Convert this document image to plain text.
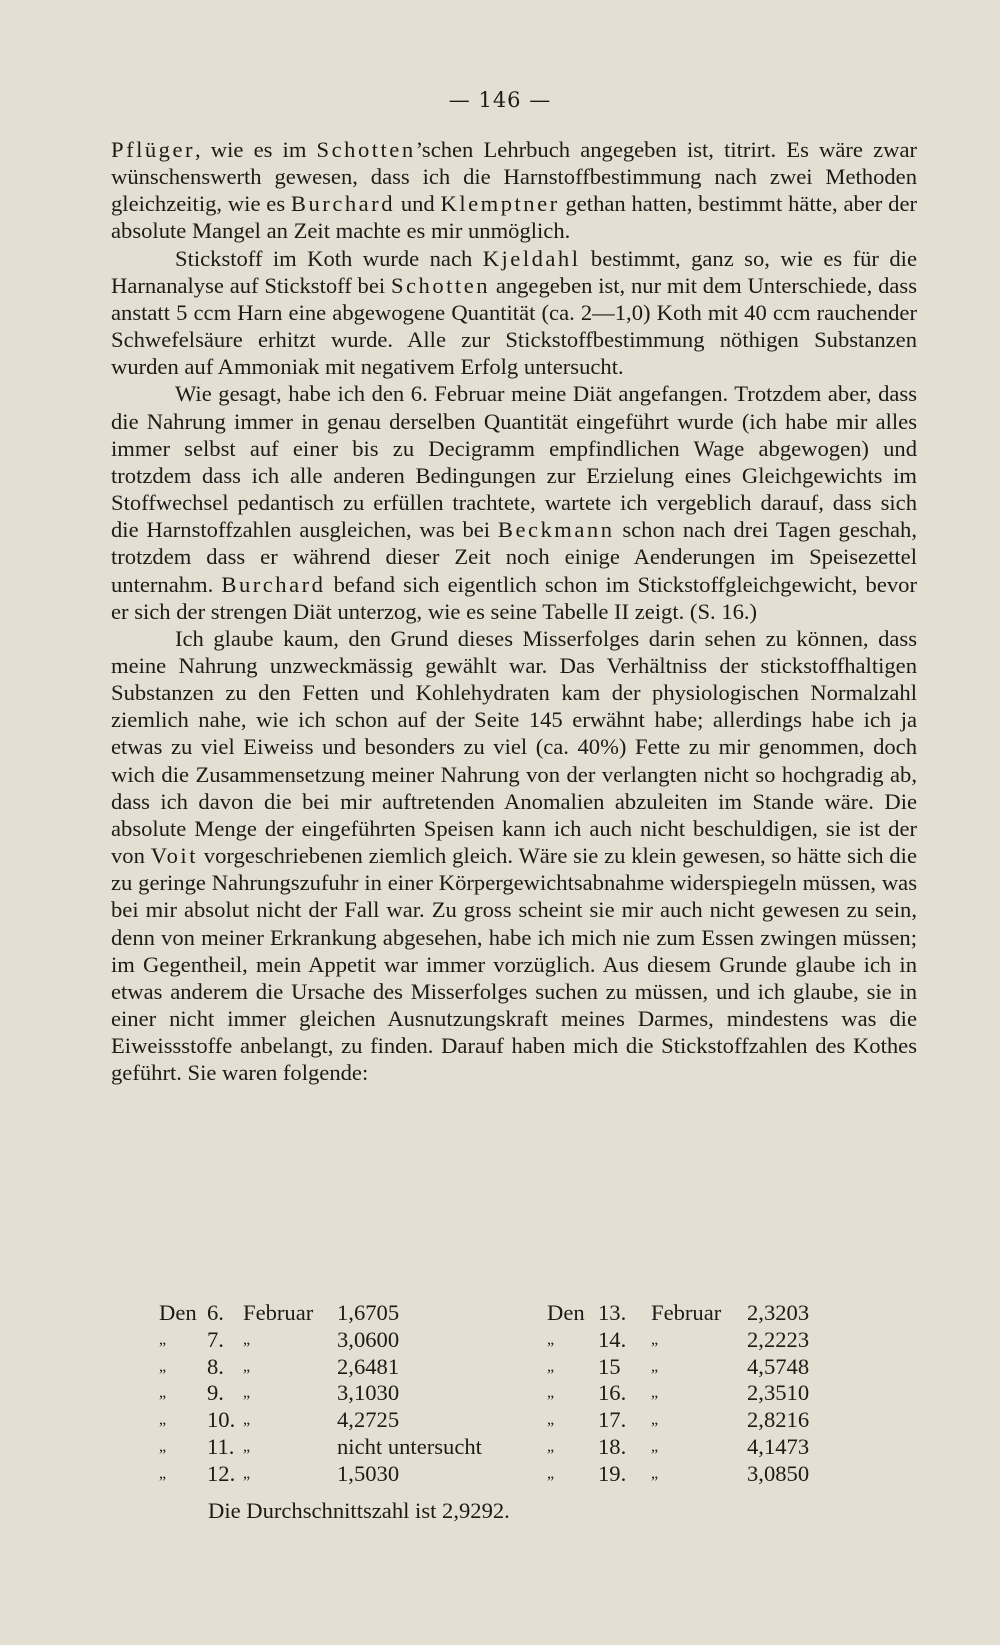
— 146 —

Pflüger, wie es im Schotten’schen Lehrbuch angegeben ist, titrirt. Es wäre zwar wünschenswerth gewesen, dass ich die Harnstoffbestimmung nach zwei Methoden gleichzeitig, wie es Burchard und Klemptner gethan hatten, bestimmt hätte, aber der absolute Mangel an Zeit machte es mir unmöglich.

Stickstoff im Koth wurde nach Kjeldahl bestimmt, ganz so, wie es für die Harnanalyse auf Stickstoff bei Schotten angegeben ist, nur mit dem Unterschiede, dass anstatt 5 ccm Harn eine abgewogene Quantität (ca. 2—1,0) Koth mit 40 ccm rauchender Schwefelsäure erhitzt wurde. Alle zur Stickstoffbestimmung nöthigen Substanzen wurden auf Ammoniak mit negativem Erfolg untersucht.

Wie gesagt, habe ich den 6. Februar meine Diät angefangen. Trotzdem aber, dass die Nahrung immer in genau derselben Quantität eingeführt wurde (ich habe mir alles immer selbst auf einer bis zu Decigramm empfindlichen Wage abgewogen) und trotzdem dass ich alle anderen Bedingungen zur Erzielung eines Gleichgewichts im Stoffwechsel pedantisch zu erfüllen trachtete, wartete ich vergeblich darauf, dass sich die Harnstoffzahlen ausgleichen, was bei Beckmann schon nach drei Tagen geschah, trotzdem dass er während dieser Zeit noch einige Aenderungen im Speisezettel unternahm. Burchard befand sich eigentlich schon im Stickstoffgleichgewicht, bevor er sich der strengen Diät unterzog, wie es seine Tabelle II zeigt. (S. 16.)

Ich glaube kaum, den Grund dieses Misserfolges darin sehen zu können, dass meine Nahrung unzweckmässig gewählt war. Das Verhältniss der stickstoffhaltigen Substanzen zu den Fetten und Kohlehydraten kam der physiologischen Normalzahl ziemlich nahe, wie ich schon auf der Seite 145 erwähnt habe; allerdings habe ich ja etwas zu viel Eiweiss und besonders zu viel (ca. 40%) Fette zu mir genommen, doch wich die Zusammensetzung meiner Nahrung von der verlangten nicht so hochgradig ab, dass ich davon die bei mir auftretenden Anomalien abzuleiten im Stande wäre. Die absolute Menge der eingeführten Speisen kann ich auch nicht beschuldigen, sie ist der von Voit vorgeschriebenen ziemlich gleich. Wäre sie zu klein gewesen, so hätte sich die zu geringe Nahrungszufuhr in einer Körpergewichtsabnahme widerspiegeln müssen, was bei mir absolut nicht der Fall war. Zu gross scheint sie mir auch nicht gewesen zu sein, denn von meiner Erkrankung abgesehen, habe ich mich nie zum Essen zwingen müssen; im Gegentheil, mein Appetit war immer vorzüglich. Aus diesem Grunde glaube ich in etwas anderem die Ursache des Misserfolges suchen zu müssen, und ich glaube, sie in einer nicht immer gleichen Ausnutzungskraft meines Darmes, mindestens was die Eiweissstoffe anbelangt, zu finden. Darauf haben mich die Stickstoffzahlen des Kothes geführt. Sie waren folgende:

Den 6. Februar 1,6705	Den 13. Februar 2,3203
„ 7. „	3,0600	„ 14. „	2,2223
„ 8. „	2,6481	„ 15 „	4,5748
„ 9. „	3,1030	„ 16. „	2,3510
„ 10. „	4,2725	„ 17. „	2,8216
„ 11. „	nicht untersucht	„ 18. „	4,1473
„ 12. „	1,5030	„ 19. „	3,0850
Die Durchschnittszahl ist 2,9292.
